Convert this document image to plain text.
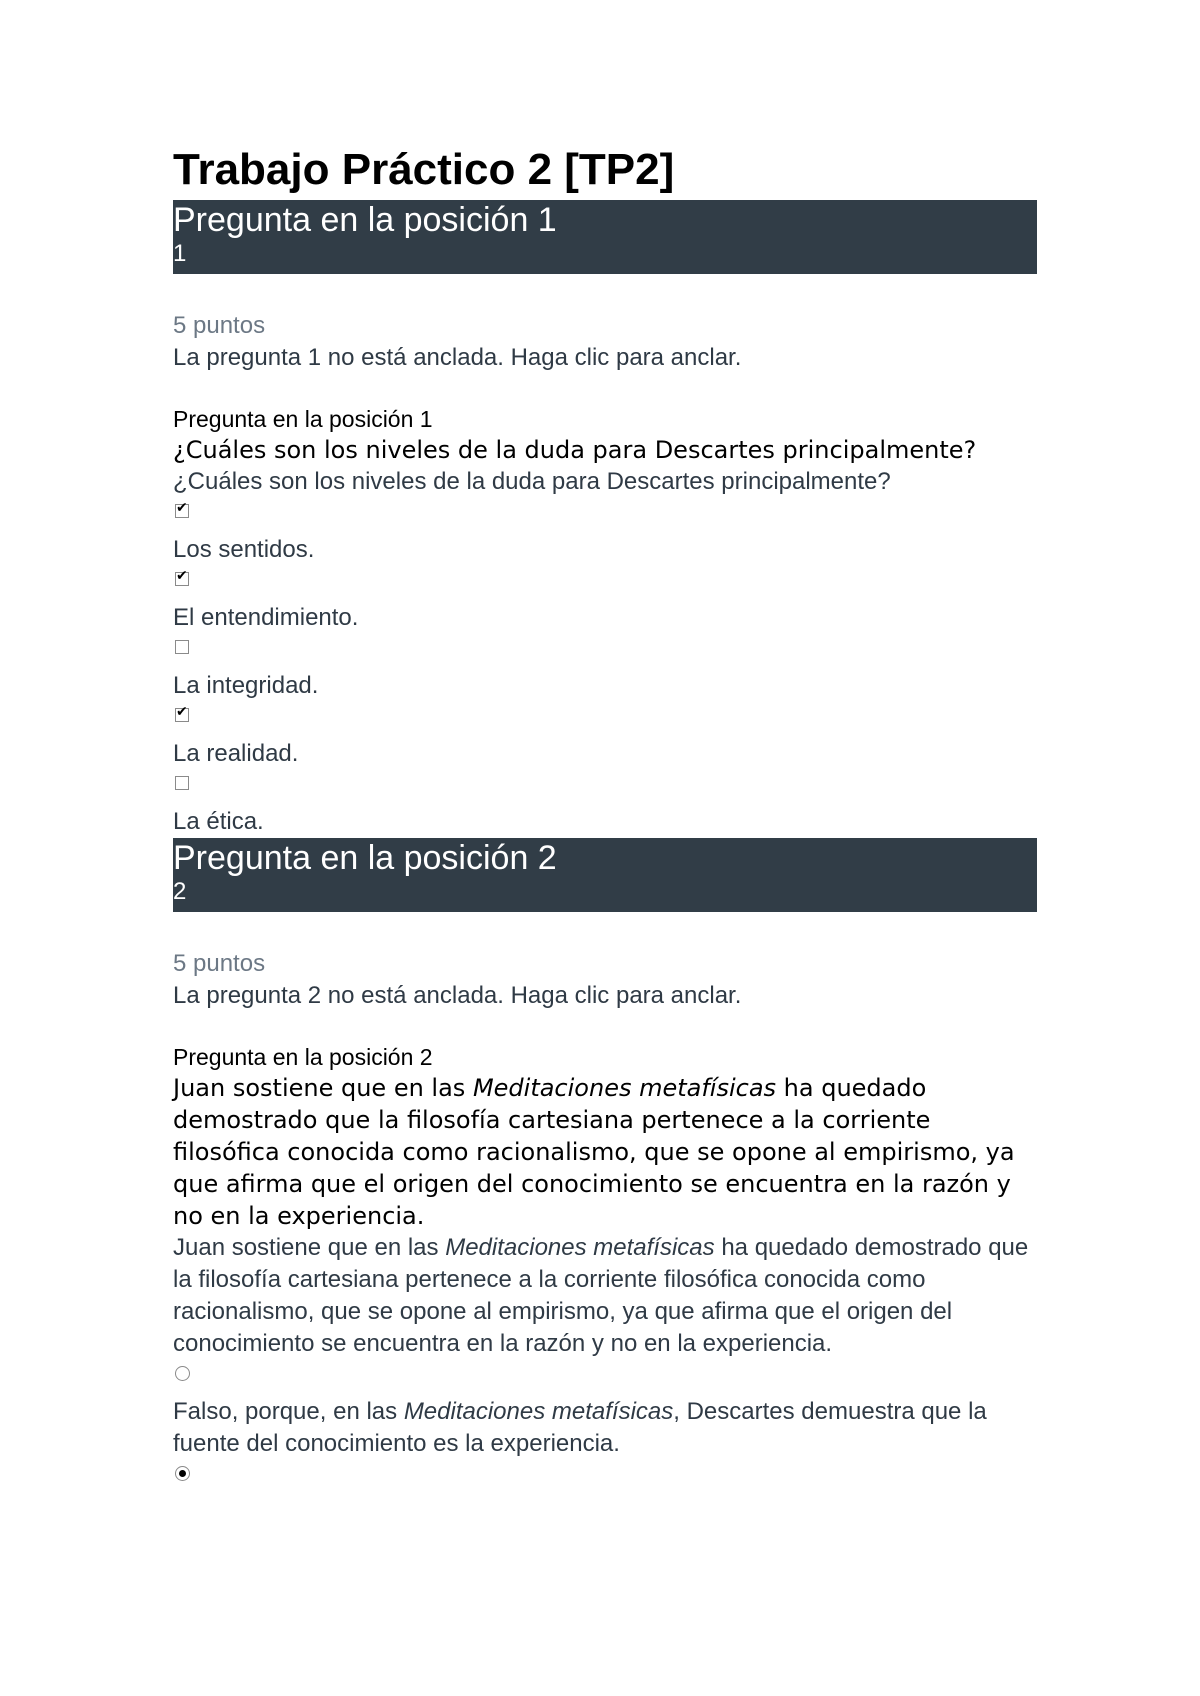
Trabajo Práctico 2 [TP2]
Pregunta en la posición 1
1
5 puntos
La pregunta 1 no está anclada. Haga clic para anclar.
Pregunta en la posición 1
¿Cuáles son los niveles de la duda para Descartes principalmente?
¿Cuáles son los niveles de la duda para Descartes principalmente?
✔
Los sentidos.
✔
El entendimiento.
La integridad.
✔
La realidad.
La ética.
Pregunta en la posición 2
2
5 puntos
La pregunta 2 no está anclada. Haga clic para anclar.
Pregunta en la posición 2
Juan sostiene que en las Meditaciones metafísicas ha quedado demostrado que la filosofía cartesiana pertenece a la corriente filosófica conocida como racionalismo, que se opone al empirismo, ya que afirma que el origen del conocimiento se encuentra en la razón y no en la experiencia.
Juan sostiene que en las Meditaciones metafísicas ha quedado demostrado que la filosofía cartesiana pertenece a la corriente filosófica conocida como racionalismo, que se opone al empirismo, ya que afirma que el origen del conocimiento se encuentra en la razón y no en la experiencia.
Falso, porque, en las Meditaciones metafísicas, Descartes demuestra que la fuente del conocimiento es la experiencia.
